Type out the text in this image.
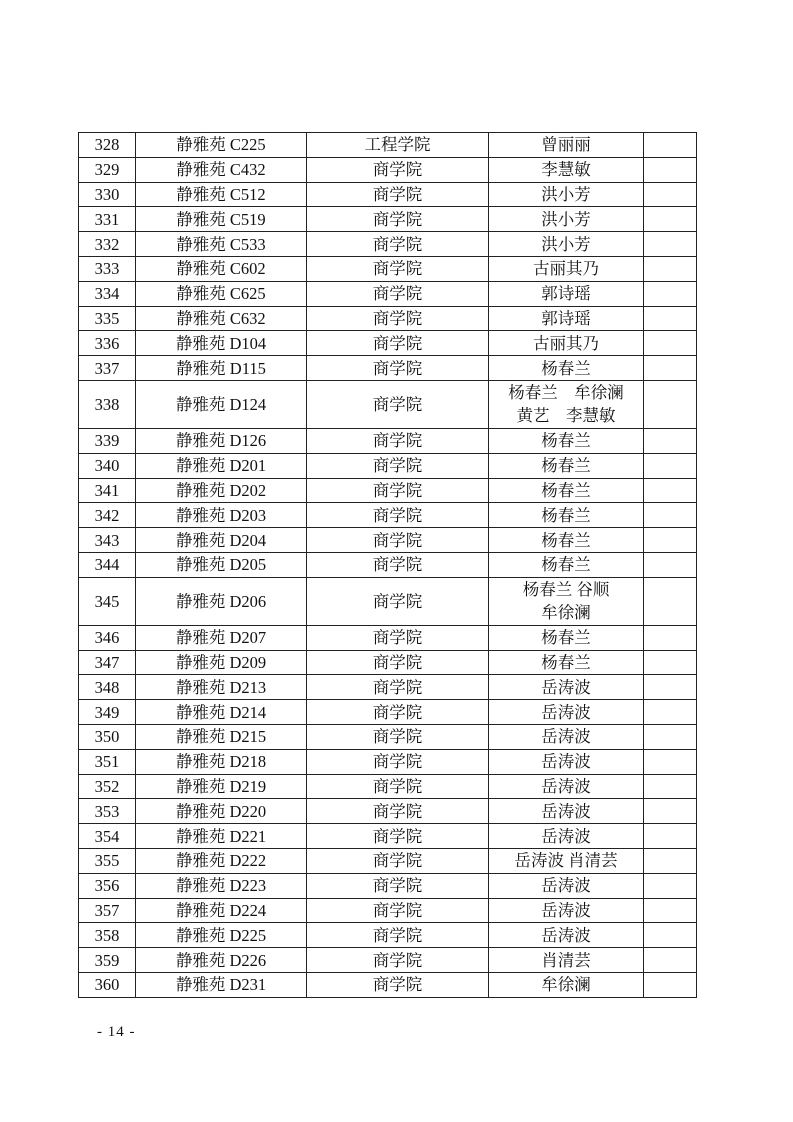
328	静雅苑 C225	工程学院	曾丽丽	

329	静雅苑 C432	商学院	李慧敏	

330	静雅苑 C512	商学院	洪小芳	

331	静雅苑 C519	商学院	洪小芳	

332	静雅苑 C533	商学院	洪小芳	

333	静雅苑 C602	商学院	古丽其乃	

334	静雅苑 C625	商学院	郭诗瑶	

335	静雅苑 C632	商学院	郭诗瑶	

336	静雅苑 D104	商学院	古丽其乃	

337	静雅苑 D115	商学院	杨春兰	

338	静雅苑 D124	商学院	杨春兰　牟徐澜
黄艺　李慧敏	

339	静雅苑 D126	商学院	杨春兰	

340	静雅苑 D201	商学院	杨春兰	

341	静雅苑 D202	商学院	杨春兰	

342	静雅苑 D203	商学院	杨春兰	

343	静雅苑 D204	商学院	杨春兰	

344	静雅苑 D205	商学院	杨春兰	

345	静雅苑 D206	商学院	杨春兰 谷顺
牟徐澜	

346	静雅苑 D207	商学院	杨春兰	

347	静雅苑 D209	商学院	杨春兰	

348	静雅苑 D213	商学院	岳涛波	

349	静雅苑 D214	商学院	岳涛波	

350	静雅苑 D215	商学院	岳涛波	

351	静雅苑 D218	商学院	岳涛波	

352	静雅苑 D219	商学院	岳涛波	

353	静雅苑 D220	商学院	岳涛波	

354	静雅苑 D221	商学院	岳涛波	

355	静雅苑 D222	商学院	岳涛波 肖清芸	

356	静雅苑 D223	商学院	岳涛波	

357	静雅苑 D224	商学院	岳涛波	

358	静雅苑 D225	商学院	岳涛波	

359	静雅苑 D226	商学院	肖清芸	

360	静雅苑 D231	商学院	牟徐澜	

- 14 -
